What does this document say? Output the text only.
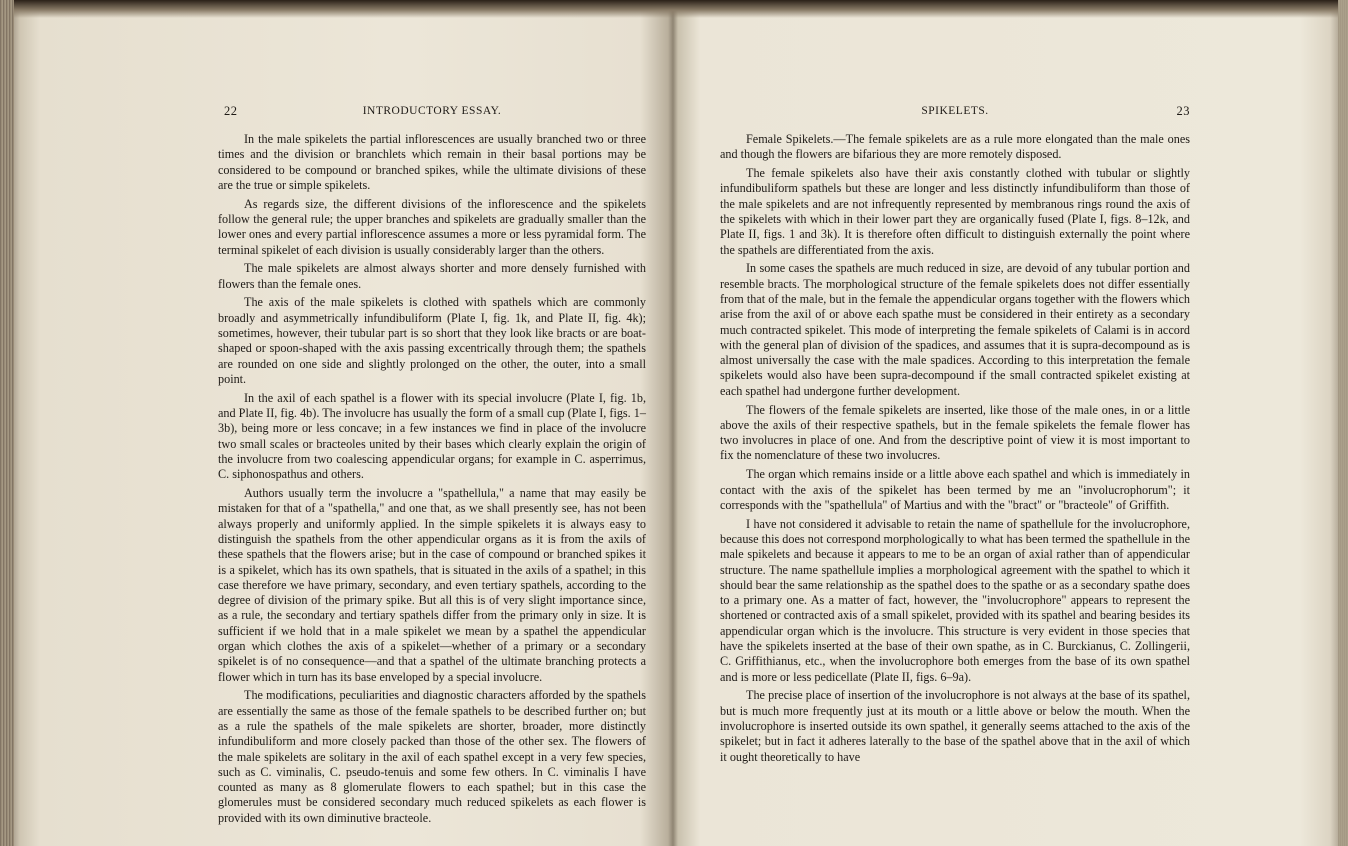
22	INTRODUCTORY ESSAY.

In the male spikelets the partial inflorescences are usually branched two or three times and the division or branchlets which remain in their basal portions may be considered to be compound or branched spikes, while the ultimate divisions of these are the true or simple spikelets.

As regards size, the different divisions of the inflorescence and the spikelets follow the general rule; the upper branches and spikelets are gradually smaller than the lower ones and every partial inflorescence assumes a more or less pyramidal form. The terminal spikelet of each division is usually considerably larger than the others.

The male spikelets are almost always shorter and more densely furnished with flowers than the female ones.

The axis of the male spikelets is clothed with spathels which are commonly broadly and asymmetrically infundibuliform (Plate I, fig. 1k, and Plate II, fig. 4k); sometimes, however, their tubular part is so short that they look like bracts or are boat-shaped or spoon-shaped with the axis passing excentrically through them; the spathels are rounded on one side and slightly prolonged on the other, the outer, into a small point.

In the axil of each spathel is a flower with its special involucre (Plate I, fig. 1b, and Plate II, fig. 4b). The involucre has usually the form of a small cup (Plate I, figs. 1–3b), being more or less concave; in a few instances we find in place of the involucre two small scales or bracteoles united by their bases which clearly explain the origin of the involucre from two coalescing appendicular organs; for example in C. asperrimus, C. siphonospathus and others.

Authors usually term the involucre a "spathellula," a name that may easily be mistaken for that of a "spathella," and one that, as we shall presently see, has not been always properly and uniformly applied. In the simple spikelets it is always easy to distinguish the spathels from the other appendicular organs as it is from the axils of these spathels that the flowers arise; but in the case of compound or branched spikes it is a spikelet, which has its own spathels, that is situated in the axils of a spathel; in this case therefore we have primary, secondary, and even tertiary spathels, according to the degree of division of the primary spike. But all this is of very slight importance since, as a rule, the secondary and tertiary spathels differ from the primary only in size. It is sufficient if we hold that in a male spikelet we mean by a spathel the appendicular organ which clothes the axis of a spikelet—whether of a primary or a secondary spikelet is of no consequence—and that a spathel of the ultimate branching protects a flower which in turn has its base enveloped by a special involucre.

The modifications, peculiarities and diagnostic characters afforded by the spathels are essentially the same as those of the female spathels to be described further on; but as a rule the spathels of the male spikelets are shorter, broader, more distinctly infundibuliform and more closely packed than those of the other sex. The flowers of the male spikelets are solitary in the axil of each spathel except in a very few species, such as C. viminalis, C. pseudo-tenuis and some few others. In C. viminalis I have counted as many as 8 glomerulate flowers to each spathel; but in this case the glomerules must be considered secondary much reduced spikelets as each flower is provided with its own diminutive bracteole.

SPIKELETS.	23

Female Spikelets.—The female spikelets are as a rule more elongated than the male ones and though the flowers are bifarious they are more remotely disposed.

The female spikelets also have their axis constantly clothed with tubular or slightly infundibuliform spathels but these are longer and less distinctly infundibuliform than those of the male spikelets and are not infrequently represented by membranous rings round the axis of the spikelets with which in their lower part they are organically fused (Plate I, figs. 8–12k, and Plate II, figs. 1 and 3k). It is therefore often difficult to distinguish externally the point where the spathels are differentiated from the axis.

In some cases the spathels are much reduced in size, are devoid of any tubular portion and resemble bracts. The morphological structure of the female spikelets does not differ essentially from that of the male, but in the female the appendicular organs together with the flowers which arise from the axil of or above each spathe must be considered in their entirety as a secondary much contracted spikelet. This mode of interpreting the female spikelets of Calami is in accord with the general plan of division of the spadices, and assumes that it is supra-decompound as is almost universally the case with the male spadices. According to this interpretation the female spikelets would also have been supra-decompound if the small contracted spikelet existing at each spathel had undergone further development.

The flowers of the female spikelets are inserted, like those of the male ones, in or a little above the axils of their respective spathels, but in the female spikelets the female flower has two involucres in place of one. And from the descriptive point of view it is most important to fix the nomenclature of these two involucres.

The organ which remains inside or a little above each spathel and which is immediately in contact with the axis of the spikelet has been termed by me an "involucrophorum"; it corresponds with the "spathellula" of Martius and with the "bract" or "bracteole" of Griffith.

I have not considered it advisable to retain the name of spathellule for the involucrophore, because this does not correspond morphologically to what has been termed the spathellule in the male spikelets and because it appears to me to be an organ of axial rather than of appendicular structure. The name spathellule implies a morphological agreement with the spathel to which it should bear the same relationship as the spathel does to the spathe or as a secondary spathe does to a primary one. As a matter of fact, however, the "involucrophore" appears to represent the shortened or contracted axis of a small spikelet, provided with its spathel and bearing besides its appendicular organ which is the involucre. This structure is very evident in those species that have the spikelets inserted at the base of their own spathe, as in C. Burckianus, C. Zollingerii, C. Griffithianus, etc., when the involucrophore both emerges from the base of its own spathel and is more or less pedicellate (Plate II, figs. 6–9a).

The precise place of insertion of the involucrophore is not always at the base of its spathel, but is much more frequently just at its mouth or a little above or below the mouth. When the involucrophore is inserted outside its own spathel, it generally seems attached to the axis of the spikelet; but in fact it adheres laterally to the base of the spathel above that in the axil of which it ought theoretically to have
